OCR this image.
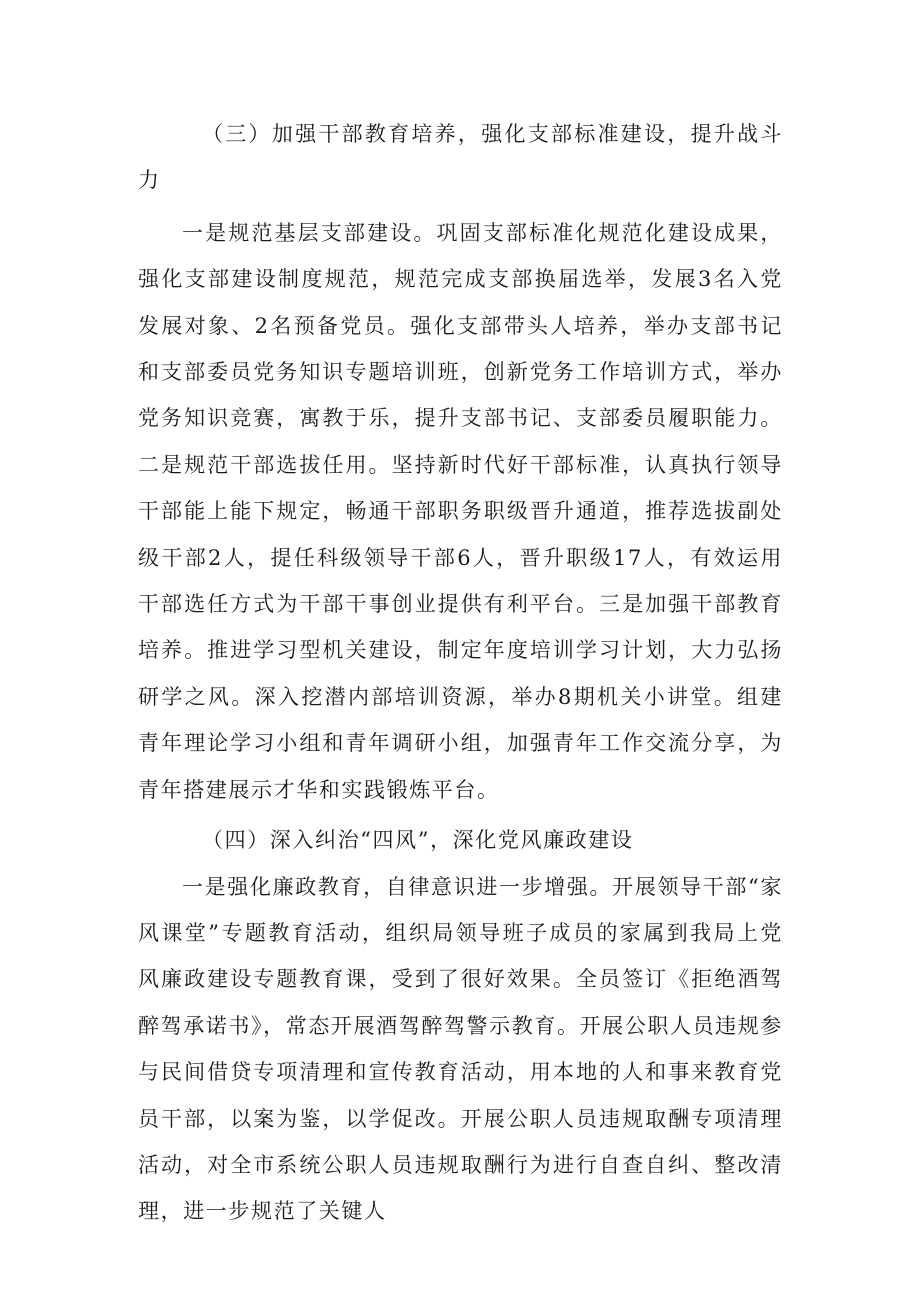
（三）加强干部教育培养，强化支部标准建设，提升战斗力

一是规范基层支部建设。巩固支部标准化规范化建设成果，强化支部建设制度规范，规范完成支部换届选举，发展3名入党发展对象、2名预备党员。强化支部带头人培养，举办支部书记和支部委员党务知识专题培训班，创新党务工作培训方式，举办党务知识竞赛，寓教于乐，提升支部书记、支部委员履职能力。二是规范干部选拔任用。坚持新时代好干部标准，认真执行领导干部能上能下规定，畅通干部职务职级晋升通道，推荐选拔副处级干部2人，提任科级领导干部6人，晋升职级17人，有效运用干部选任方式为干部干事创业提供有利平台。三是加强干部教育培养。推进学习型机关建设，制定年度培训学习计划，大力弘扬研学之风。深入挖潜内部培训资源，举办8期机关小讲堂。组建青年理论学习小组和青年调研小组，加强青年工作交流分享，为青年搭建展示才华和实践锻炼平台。

（四）深入纠治“四风”，深化党风廉政建设

一是强化廉政教育，自律意识进一步增强。开展领导干部“家风课堂”专题教育活动，组织局领导班子成员的家属到我局上党风廉政建设专题教育课，受到了很好效果。全员签订《拒绝酒驾醉驾承诺书》，常态开展酒驾醉驾警示教育。开展公职人员违规参与民间借贷专项清理和宣传教育活动，用本地的人和事来教育党员干部，以案为鉴，以学促改。开展公职人员违规取酬专项清理活动，对全市系统公职人员违规取酬行为进行自查自纠、整改清理，进一步规范了关键人
